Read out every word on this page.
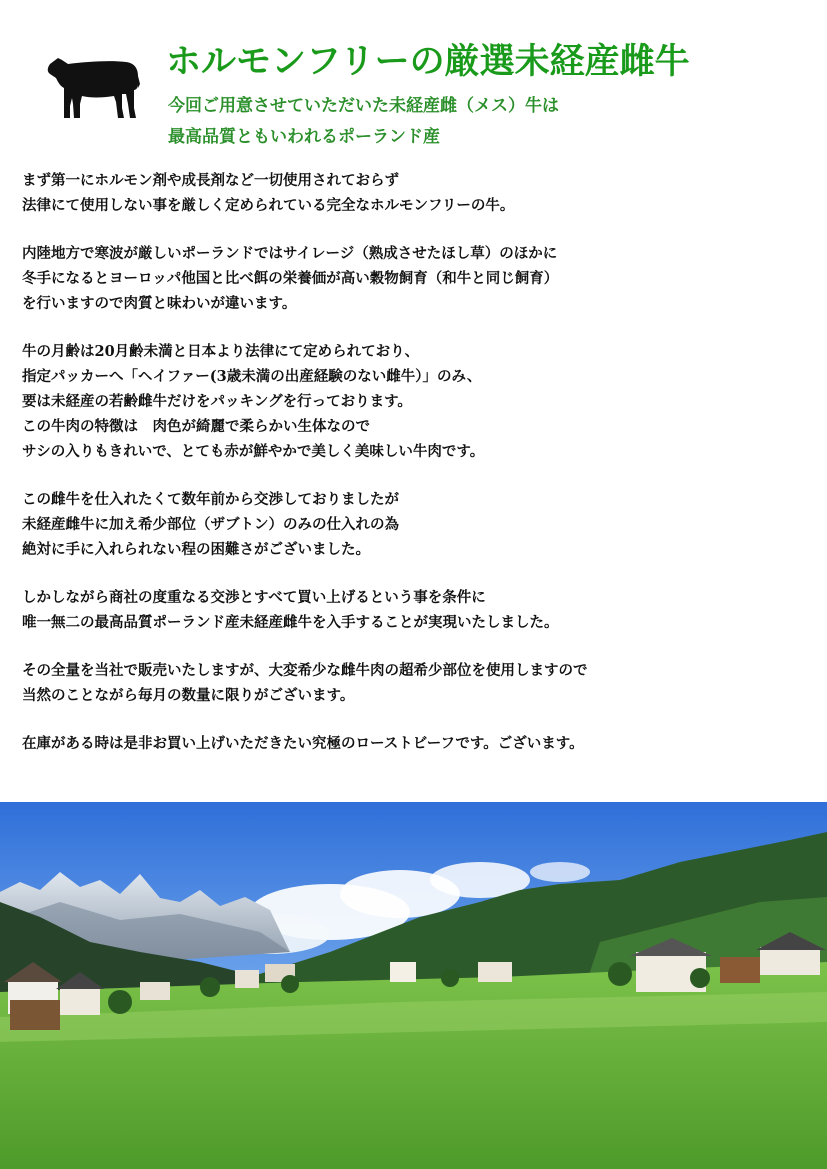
ホルモンフリーの厳選未経産雌牛

今回ご用意させていただいた未経産雌（メス）牛は

最高品質ともいわれるポーランド産

まず第一にホルモン剤や成長剤など一切使用されておらず
法律にて使用しない事を厳しく定められている完全なホルモンフリーの牛。
内陸地方で寒波が厳しいポーランドではサイレージ（熟成させたほし草）のほかに
冬手になるとヨーロッパ他国と比べ餌の栄養価が高い穀物飼育（和牛と同じ飼育）
を行いますので肉質と味わいが違います。
牛の月齢は20月齢未満と日本より法律にて定められており、
指定パッカーへ「ヘイファー(3歳未満の出産経験のない雌牛）」のみ、
要は未経産の若齢雌牛だけをパッキングを行っております。
この牛肉の特徴は　肉色が綺麗で柔らかい生体なので
サシの入りもきれいで、とても赤が鮮やかで美しく美味しい牛肉です。
この雌牛を仕入れたくて数年前から交渉しておりましたが
未経産雌牛に加え希少部位（ザブトン）のみの仕入れの為
絶対に手に入れられない程の困難さがございました。
しかしながら商社の度重なる交渉とすべて買い上げるという事を条件に
唯一無二の最高品質ポーランド産未経産雌牛を入手することが実現いたしました。
その全量を当社で販売いたしますが、大変希少な雌牛肉の超希少部位を使用しますので
当然のことながら毎月の数量に限りがございます。
在庫がある時は是非お買い上げいただきたい究極のローストビーフです。ございます。
